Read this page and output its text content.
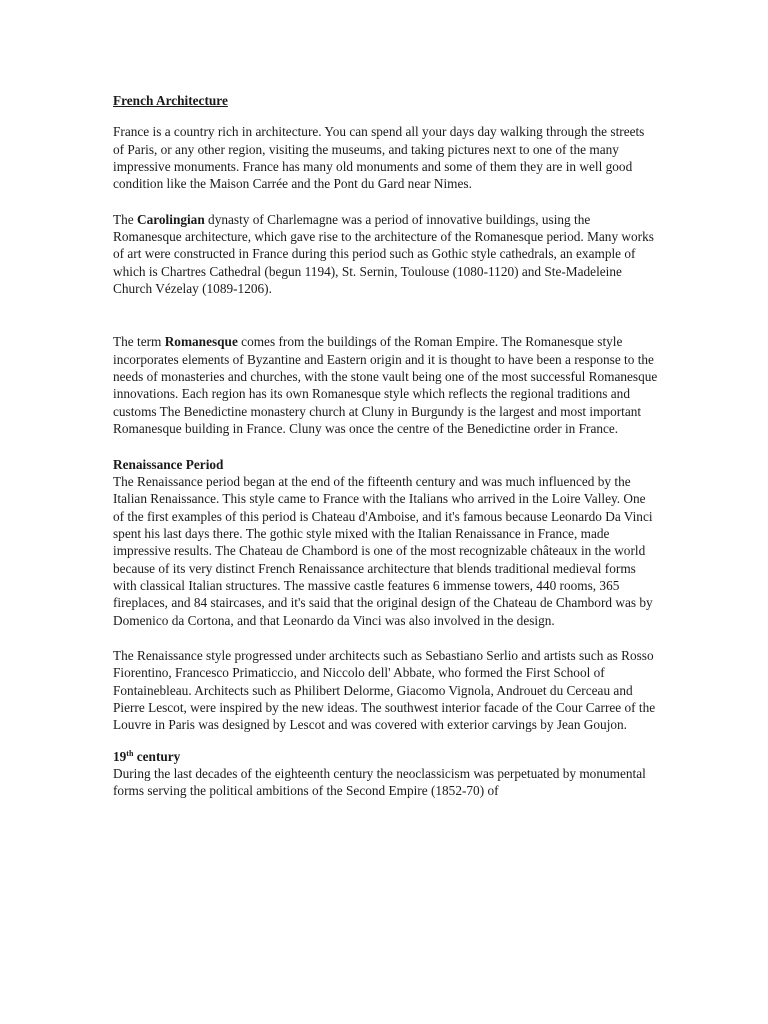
French Architecture

France is a country rich in architecture. You can spend all your days day walking through the streets of Paris, or any other region, visiting the museums, and taking pictures next to one of the many impressive monuments. France has many old monuments and some of them they are in well good condition like the Maison Carrée and the Pont du Gard near Nimes.

The Carolingian dynasty of Charlemagne was a period of innovative buildings, using the Romanesque architecture, which gave rise to the architecture of the Romanesque period. Many works of art were constructed in France during this period such as Gothic style cathedrals, an example of which is Chartres Cathedral (begun 1194), St. Sernin, Toulouse (1080-1120) and Ste-Madeleine Church Vézelay (1089-1206).

The term Romanesque comes from the buildings of the Roman Empire. The Romanesque style incorporates elements of Byzantine and Eastern origin and it is thought to have been a response to the needs of monasteries and churches, with the stone vault being one of the most successful Romanesque innovations. Each region has its own Romanesque style which reflects the regional traditions and customs The Benedictine monastery church at Cluny in Burgundy is the largest and most important Romanesque building in France. Cluny was once the centre of the Benedictine order in France.

Renaissance Period

The Renaissance period began at the end of the fifteenth century and was much influenced by the Italian Renaissance. This style came to France with the Italians who arrived in the Loire Valley. One of the first examples of this period is Chateau d'Amboise, and it's famous because Leonardo Da Vinci spent his last days there. The gothic style mixed with the Italian Renaissance in France, made impressive results. The Chateau de Chambord is one of the most recognizable châteaux in the world because of its very distinct French Renaissance architecture that blends traditional medieval forms with classical Italian structures. The massive castle features 6 immense towers, 440 rooms, 365 fireplaces, and 84 staircases, and it's said that the original design of the Chateau de Chambord was by Domenico da Cortona, and that Leonardo da Vinci was also involved in the design.

The Renaissance style progressed under architects such as Sebastiano Serlio and artists such as Rosso Fiorentino, Francesco Primaticcio, and Niccolo dell' Abbate, who formed the First School of Fontainebleau. Architects such as Philibert Delorme, Giacomo Vignola, Androuet du Cerceau and Pierre Lescot, were inspired by the new ideas. The southwest interior facade of the Cour Carree of the Louvre in Paris was designed by Lescot and was covered with exterior carvings by Jean Goujon.

19th century

During the last decades of the eighteenth century the neoclassicism was perpetuated by monumental forms serving the political ambitions of the Second Empire (1852-70) of
